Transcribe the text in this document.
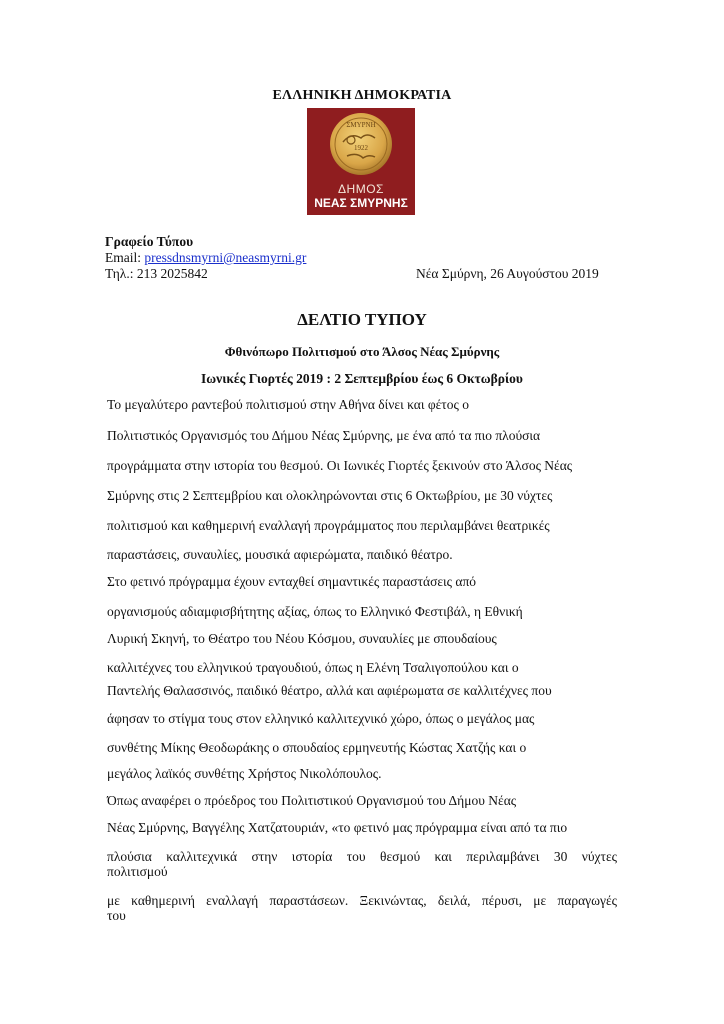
ΕΛΛΗΝΙΚΗ ΔΗΜΟΚΡΑΤΙΑ
1922
ΣΜΥΡΝΗ
ΔΗΜΟΣ
ΝΕΑΣ ΣΜΥΡΝΗΣ
Γραφείο Τύπου
Email: pressdnsmyrni@neasmyrni.gr
Τηλ.: 213 2025842	Νέα Σμύρνη, 26 Αυγούστου 2019
ΔΕΛΤΙΟ ΤΥΠΟΥ
Φθινόπωρο Πολιτισμού στο Άλσος Νέας Σμύρνης
Ιωνικές Γιορτές 2019 : 2 Σεπτεμβρίου έως 6 Οκτωβρίου
Το μεγαλύτερο ραντεβού πολιτισμού στην Αθήνα δίνει και φέτος ο
Πολιτιστικός Οργανισμός του Δήμου Νέας Σμύρνης, με ένα από τα πιο πλούσια
προγράμματα στην ιστορία του θεσμού. Οι Ιωνικές Γιορτές ξεκινούν στο Άλσος Νέας
Σμύρνης στις 2 Σεπτεμβρίου και ολοκληρώνονται στις 6 Οκτωβρίου, με 30 νύχτες
πολιτισμού και καθημερινή εναλλαγή προγράμματος που περιλαμβάνει θεατρικές
παραστάσεις, συναυλίες, μουσικά αφιερώματα, παιδικό θέατρο.
Στο φετινό πρόγραμμα έχουν ενταχθεί σημαντικές παραστάσεις από
οργανισμούς αδιαμφισβήτητης αξίας, όπως το Ελληνικό Φεστιβάλ, η Εθνική
Λυρική Σκηνή, το Θέατρο του Νέου Κόσμου, συναυλίες με σπουδαίους
καλλιτέχνες του ελληνικού τραγουδιού, όπως η Ελένη Τσαλιγοπούλου και ο
Παντελής Θαλασσινός, παιδικό θέατρο, αλλά και αφιέρωματα σε καλλιτέχνες που
άφησαν το στίγμα τους στον ελληνικό καλλιτεχνικό χώρο, όπως ο μεγάλος μας
συνθέτης Μίκης Θεοδωράκης ο σπουδαίος ερμηνευτής Κώστας Χατζής και ο
μεγάλος λαϊκός συνθέτης Χρήστος Νικολόπουλος.
Όπως αναφέρει ο πρόεδρος του Πολιτιστικού Οργανισμού του Δήμου Νέας
Νέας Σμύρνης, Βαγγέλης Χατζατουριάν, «το φετινό μας πρόγραμμα είναι από τα πιο
πλούσια καλλιτεχνικά στην ιστορία του θεσμού και περιλαμβάνει 30 νύχτες
πολιτισμού
με καθημερινή εναλλαγή παραστάσεων. Ξεκινώντας, δειλά, πέρυσι, με παραγωγές
του
